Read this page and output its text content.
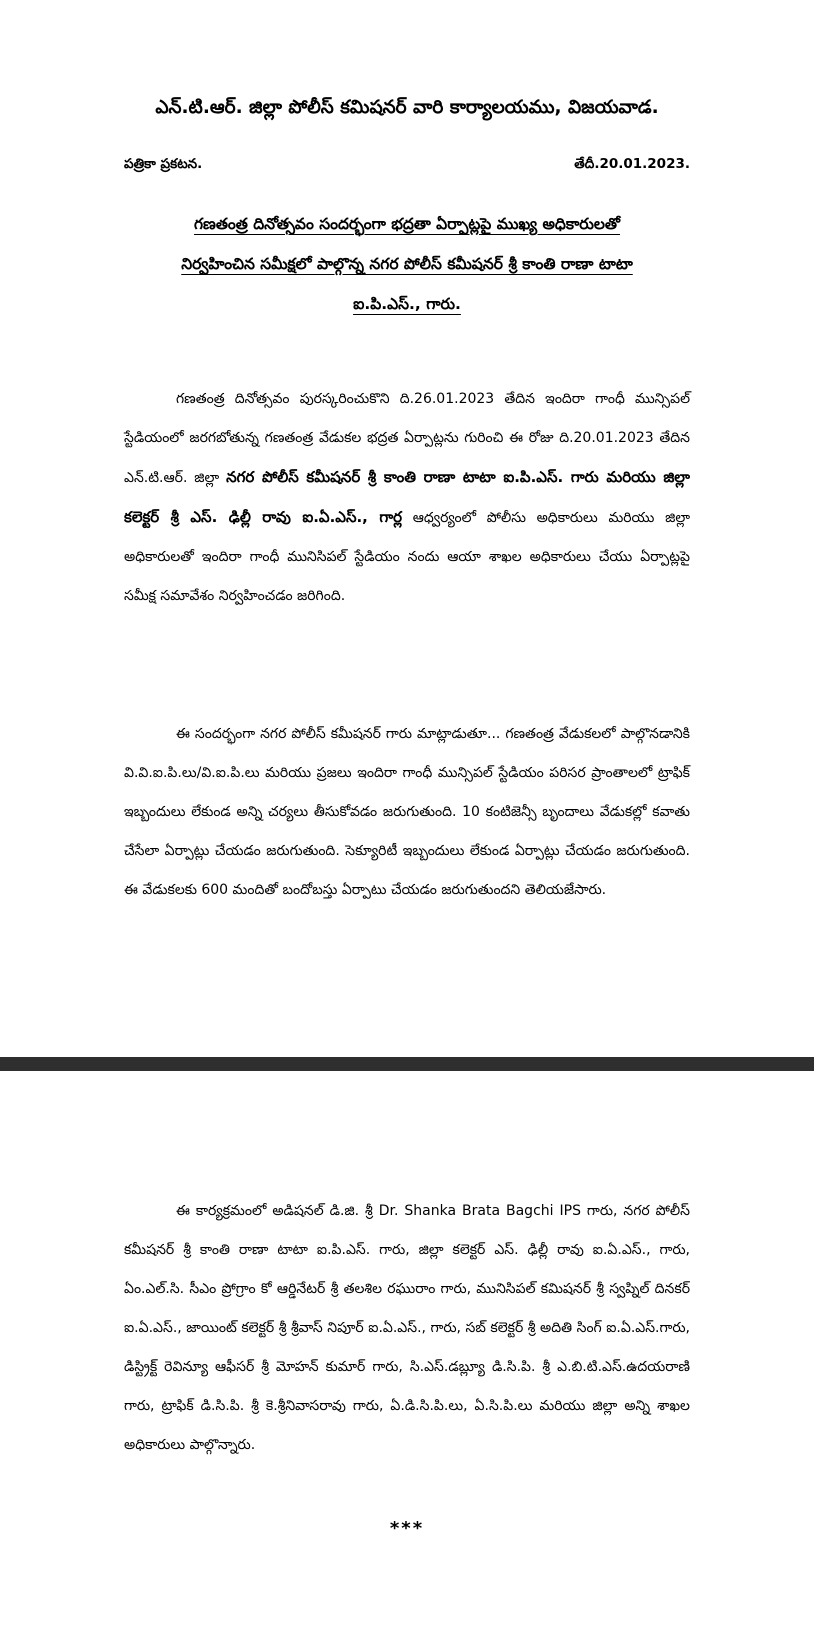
ఎన్.టి.ఆర్. జిల్లా పోలీస్ కమిషనర్ వారి కార్యాలయము, విజయవాడ.
పత్రికా ప్రకటన.	తేదీ.20.01.2023.
గణతంత్ర దినోత్సవం సందర్భంగా భద్రతా ఏర్పాట్లపై ముఖ్య అధికారులతో
నిర్వహించిన సమీక్షలో పాల్గొన్న నగర పోలీస్ కమీషనర్ శ్రీ కాంతి రాణా టాటా
ఐ.పి.ఎస్., గారు.

గణతంత్ర దినోత్సవం పురస్కరించుకొని ది.26.01.2023 తేదిన ఇందిరా గాంధీ మున్సిపల్ స్టేడియంలో జరగబోతున్న గణతంత్ర వేడుకల భద్రత ఏర్పాట్లను గురించి ఈ రోజు ది.20.01.2023 తేదిన ఎన్.టి.ఆర్. జిల్లా నగర పోలీస్ కమీషనర్ శ్రీ కాంతి రాణా టాటా ఐ.పి.ఎస్. గారు మరియు జిల్లా కలెక్టర్ శ్రీ ఎస్. ఢిల్లీ రావు ఐ.ఏ.ఎస్., గార్ల ఆధ్వర్యంలో పోలీసు అధికారులు మరియు జిల్లా అధికారులతో ఇందిరా గాంధీ మునిసిపల్ స్టేడియం నందు ఆయా శాఖల అధికారులు చేయు ఏర్పాట్లపై సమీక్ష సమావేశం నిర్వహించడం జరిగింది.

ఈ సందర్భంగా నగర పోలీస్ కమీషనర్ గారు మాట్లాడుతూ... గణతంత్ర వేడుకలలో పాల్గొనడానికి వి.వి.ఐ.పి.లు/వి.ఐ.పి.లు మరియు ప్రజలు ఇందిరా గాంధీ మున్సిపల్ స్టేడియం పరిసర ప్రాంతాలలో ట్రాఫిక్ ఇబ్బందులు లేకుండ అన్ని చర్యలు తీసుకోవడం జరుగుతుంది. 10 కంటిజెన్సీ బృందాలు వేడుకల్లో కవాతు చేసేలా ఏర్పాట్లు చేయడం జరుగుతుంది. సెక్యూరిటీ ఇబ్బందులు లేకుండ ఏర్పాట్లు చేయడం జరుగుతుంది. ఈ వేడుకలకు 600 మందితో బందోబస్తు ఏర్పాటు చేయడం జరుగుతుందని తెలియజేసారు.

ఈ కార్యక్రమంలో అడిషనల్ డి.జి. శ్రీ Dr. Shanka Brata Bagchi IPS గారు, నగర పోలీస్ కమీషనర్ శ్రీ కాంతి రాణా టాటా ఐ.పి.ఎస్. గారు, జిల్లా కలెక్టర్ ఎస్. ఢిల్లీ రావు ఐ.ఏ.ఎస్., గారు, ఏం.ఎల్.సి. సీఎం ప్రోగ్రాం కో ఆర్డినేటర్ శ్రీ తలశిల రఘురాం గారు, మునిసిపల్ కమిషనర్ శ్రీ స్వప్నిల్ దినకర్ ఐ.ఏ.ఎస్., జాయింట్ కలెక్టర్ శ్రీ శ్రీవాస్ నిపూర్ ఐ.ఏ.ఎస్., గారు, సబ్ కలెక్టర్ శ్రీ అదితి సింగ్ ఐ.ఏ.ఎస్.గారు, డిస్ట్రిక్ట్ రెవిన్యూ ఆఫీసర్ శ్రీ మోహన్ కుమార్ గారు, సి.ఎస్.డబ్ల్యూ డి.సి.పి. శ్రీ ఎ.బి.టి.ఎస్.ఉదయరాణి గారు, ట్రాఫిక్ డి.సి.పి. శ్రీ కె.శ్రీనివాసరావు గారు, ఏ.డి.సి.పి.లు, ఏ.సి.పి.లు మరియు జిల్లా అన్ని శాఖల అధికారులు పాల్గొన్నారు.

***
